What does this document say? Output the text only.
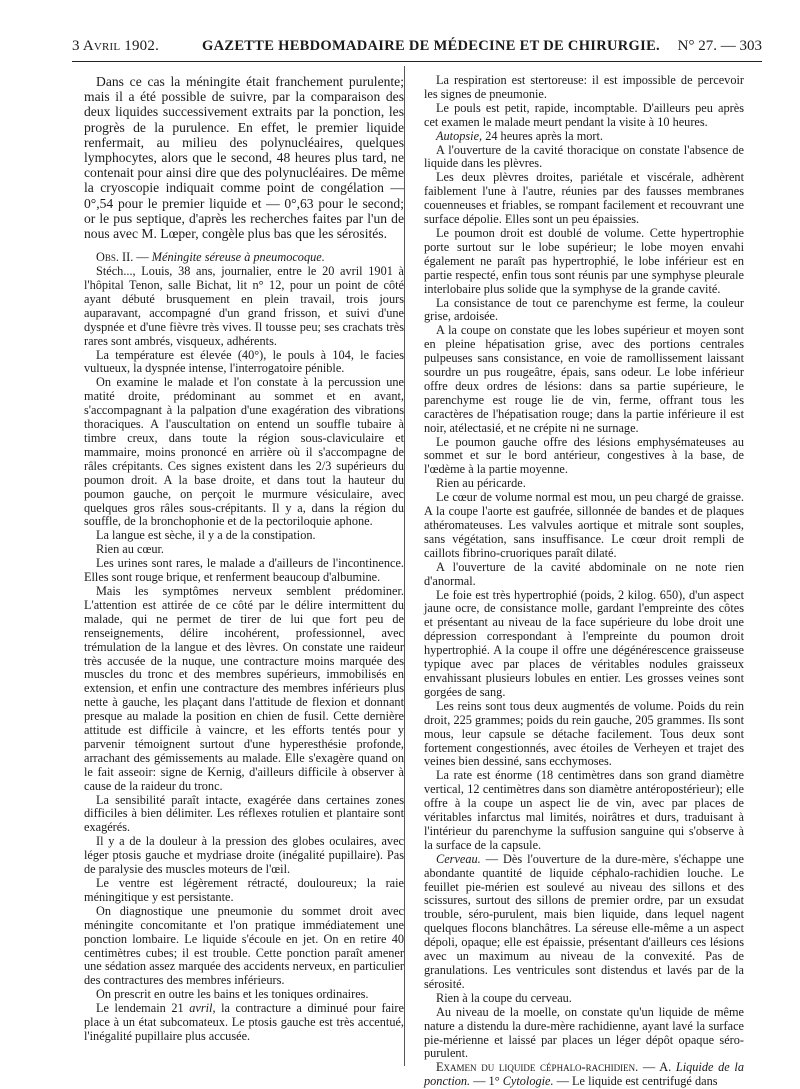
3 Avril 1902.	GAZETTE HEBDOMADAIRE DE MÉDECINE ET DE CHIRURGIE. N° 27. — 303

Dans ce cas la méningite était franchement purulente; mais il a été possible de suivre, par la comparaison des deux liquides successivement extraits par la ponction, les progrès de la purulence. En effet, le premier liquide renfermait, au milieu des polynucléaires, quelques lymphocytes, alors que le second, 48 heures plus tard, ne contenait pour ainsi dire que des polynucléaires. De même la cryoscopie indiquait comme point de congélation — 0°,54 pour le premier liquide et — 0°,63 pour le second; or le pus septique, d'après les recherches faites par l'un de nous avec M. Lœper, congèle plus bas que les sérosités.

Obs. II. — Méningite séreuse à pneumocoque.

Stéch..., Louis, 38 ans, journalier, entre le 20 avril 1901 à l'hôpital Tenon, salle Bichat, lit n° 12, pour un point de côté ayant débuté brusquement en plein travail, trois jours auparavant, accompagné d'un grand frisson, et suivi d'une dyspnée et d'une fièvre très vives. Il tousse peu; ses crachats très rares sont ambrés, visqueux, adhérents.

La température est élevée (40°), le pouls à 104, le facies vultueux, la dyspnée intense, l'interrogatoire pénible.

On examine le malade et l'on constate à la percussion une matité droite, prédominant au sommet et en avant, s'accompagnant à la palpation d'une exagération des vibrations thoraciques. A l'auscultation on entend un souffle tubaire à timbre creux, dans toute la région sous-claviculaire et mammaire, moins prononcé en arrière où il s'accompagne de râles crépitants. Ces signes existent dans les 2/3 supérieurs du poumon droit. A la base droite, et dans tout la hauteur du poumon gauche, on perçoit le murmure vésiculaire, avec quelques gros râles sous-crépitants. Il y a, dans la région du souffle, de la bronchophonie et de la pectoriloquie aphone.

La langue est sèche, il y a de la constipation.

Rien au cœur.

Les urines sont rares, le malade a d'ailleurs de l'incontinence. Elles sont rouge brique, et renferment beaucoup d'albumine.

Mais les symptômes nerveux semblent prédominer. L'attention est attirée de ce côté par le délire intermittent du malade, qui ne permet de tirer de lui que fort peu de renseignements, délire incohérent, professionnel, avec trémulation de la langue et des lèvres. On constate une raideur très accusée de la nuque, une contracture moins marquée des muscles du tronc et des membres supérieurs, immobilisés en extension, et enfin une contracture des membres inférieurs plus nette à gauche, les plaçant dans l'attitude de flexion et donnant presque au malade la position en chien de fusil. Cette dernière attitude est difficile à vaincre, et les efforts tentés pour y parvenir témoignent surtout d'une hyperesthésie profonde, arrachant des gémissements au malade. Elle s'exagère quand on le fait asseoir: signe de Kernig, d'ailleurs difficile à observer à cause de la raideur du tronc.

La sensibilité paraît intacte, exagérée dans certaines zones difficiles à bien délimiter. Les réflexes rotulien et plantaire sont exagérés.

Il y a de la douleur à la pression des globes oculaires, avec léger ptosis gauche et mydriase droite (inégalité pupillaire). Pas de paralysie des muscles moteurs de l'œil.

Le ventre est légèrement rétracté, douloureux; la raie méningitique y est persistante.

On diagnostique une pneumonie du sommet droit avec méningite concomitante et l'on pratique immédiatement une ponction lombaire. Le liquide s'écoule en jet. On en retire 40 centimètres cubes; il est trouble. Cette ponction paraît amener une sédation assez marquée des accidents nerveux, en particulier des contractures des membres inférieurs.

On prescrit en outre les bains et les toniques ordinaires.

Le lendemain 21 avril, la contracture a diminué pour faire place à un état subcomateux. Le ptosis gauche est très accentué, l'inégalité pupillaire plus accusée.

La respiration est stertoreuse: il est impossible de percevoir les signes de pneumonie.

Le pouls est petit, rapide, incomptable. D'ailleurs peu après cet examen le malade meurt pendant la visite à 10 heures.

Autopsie, 24 heures après la mort.

A l'ouverture de la cavité thoracique on constate l'absence de liquide dans les plèvres.

Les deux plèvres droites, pariétale et viscérale, adhèrent faiblement l'une à l'autre, réunies par des fausses membranes couenneuses et friables, se rompant facilement et recouvrant une surface dépolie. Elles sont un peu épaissies.

Le poumon droit est doublé de volume. Cette hypertrophie porte surtout sur le lobe supérieur; le lobe moyen envahi également ne paraît pas hypertrophié, le lobe inférieur est en partie respecté, enfin tous sont réunis par une symphyse pleurale interlobaire plus solide que la symphyse de la grande cavité.

La consistance de tout ce parenchyme est ferme, la couleur grise, ardoisée.

A la coupe on constate que les lobes supérieur et moyen sont en pleine hépatisation grise, avec des portions centrales pulpeuses sans consistance, en voie de ramollissement laissant sourdre un pus rougeâtre, épais, sans odeur. Le lobe inférieur offre deux ordres de lésions: dans sa partie supérieure, le parenchyme est rouge lie de vin, ferme, offrant tous les caractères de l'hépatisation rouge; dans la partie inférieure il est noir, atélectasié, et ne crépite ni ne surnage.

Le poumon gauche offre des lésions emphysémateuses au sommet et sur le bord antérieur, congestives à la base, de l'œdème à la partie moyenne.

Rien au péricarde.

Le cœur de volume normal est mou, un peu chargé de graisse. A la coupe l'aorte est gaufrée, sillonnée de bandes et de plaques athéromateuses. Les valvules aortique et mitrale sont souples, sans végétation, sans insuffisance. Le cœur droit rempli de caillots fibrino-cruoriques paraît dilaté.

A l'ouverture de la cavité abdominale on ne note rien d'anormal.

Le foie est très hypertrophié (poids, 2 kilog. 650), d'un aspect jaune ocre, de consistance molle, gardant l'empreinte des côtes et présentant au niveau de la face supérieure du lobe droit une dépression correspondant à l'empreinte du poumon droit hypertrophié. A la coupe il offre une dégénérescence graisseuse typique avec par places de véritables nodules graisseux envahissant plusieurs lobules en entier. Les grosses veines sont gorgées de sang.

Les reins sont tous deux augmentés de volume. Poids du rein droit, 225 grammes; poids du rein gauche, 205 grammes. Ils sont mous, leur capsule se détache facilement. Tous deux sont fortement congestionnés, avec étoiles de Verheyen et trajet des veines bien dessiné, sans ecchymoses.

La rate est énorme (18 centimètres dans son grand diamètre vertical, 12 centimètres dans son diamètre antéropostérieur); elle offre à la coupe un aspect lie de vin, avec par places de véritables infarctus mal limités, noirâtres et durs, traduisant à l'intérieur du parenchyme la suffusion sanguine qui s'observe à la surface de la capsule.

Cerveau. — Dès l'ouverture de la dure-mère, s'échappe une abondante quantité de liquide céphalo-rachidien louche. Le feuillet pie-mérien est soulevé au niveau des sillons et des scissures, surtout des sillons de premier ordre, par un exsudat trouble, séro-purulent, mais bien liquide, dans lequel nagent quelques flocons blanchâtres. La séreuse elle-même a un aspect dépoli, opaque; elle est épaissie, présentant d'ailleurs ces lésions avec un maximum au niveau de la convexité. Pas de granulations. Les ventricules sont distendus et lavés par de la sérosité.

Rien à la coupe du cerveau.

Au niveau de la moelle, on constate qu'un liquide de même nature a distendu la dure-mère rachidienne, ayant lavé la surface pie-mérienne et laissé par places un léger dépôt opaque séro-purulent.

Examen du liquide céphalo-rachidien. — A. Liquide de la ponction. — 1° Cytologie. — Le liquide est centrifugé dans
